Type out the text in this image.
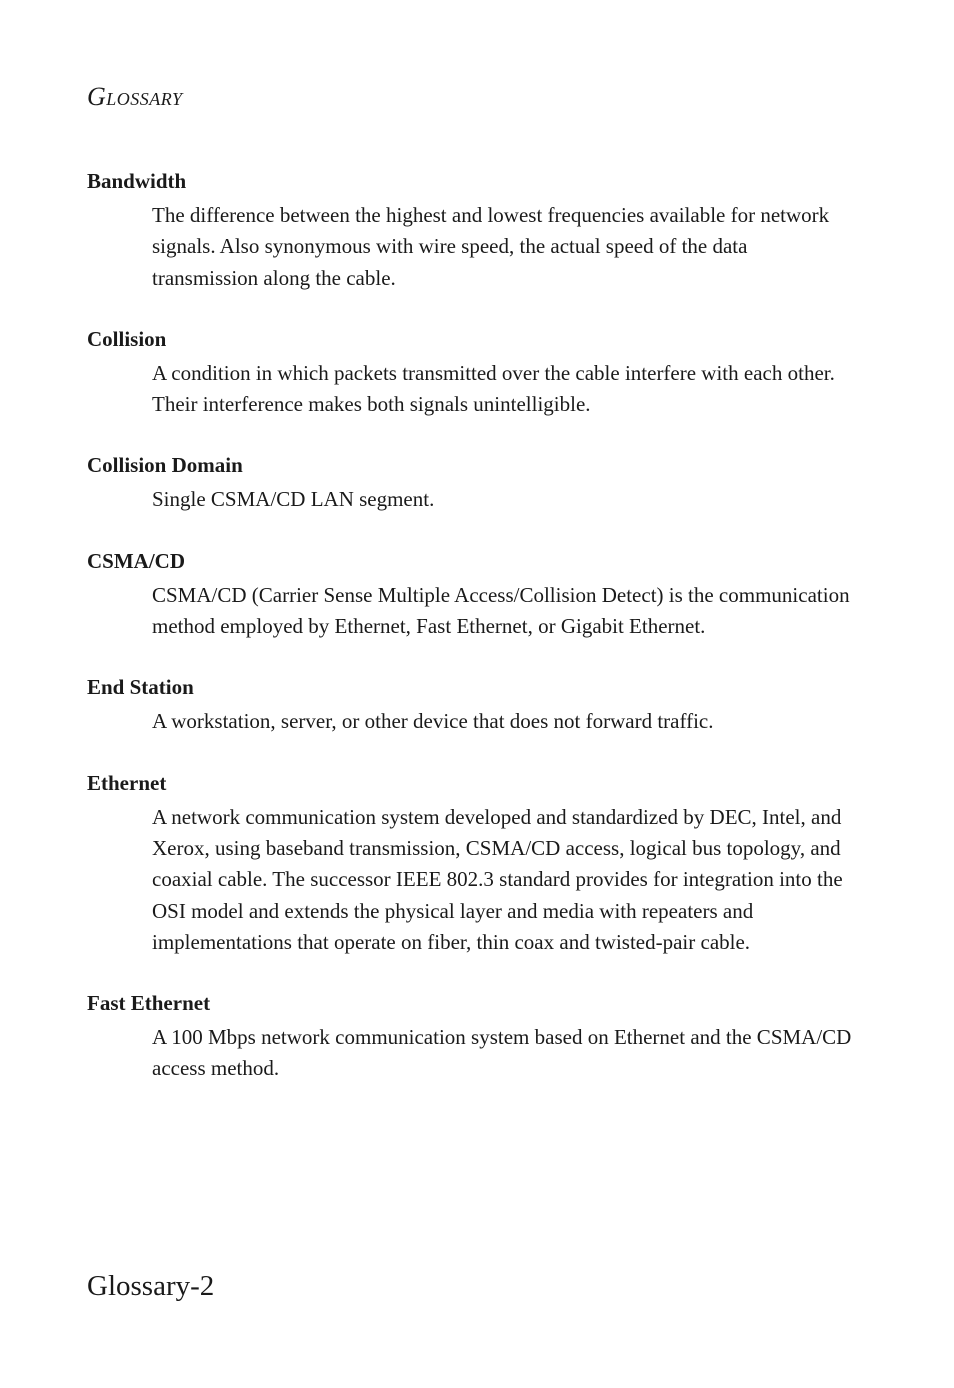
Glossary
Bandwidth
The difference between the highest and lowest frequencies available for network signals. Also synonymous with wire speed, the actual speed of the data transmission along the cable.
Collision
A condition in which packets transmitted over the cable interfere with each other. Their interference makes both signals unintelligible.
Collision Domain
Single CSMA/CD LAN segment.
CSMA/CD
CSMA/CD (Carrier Sense Multiple Access/Collision Detect) is the communication method employed by Ethernet, Fast Ethernet, or Gigabit Ethernet.
End Station
A workstation, server, or other device that does not forward traffic.
Ethernet
A network communication system developed and standardized by DEC, Intel, and Xerox, using baseband transmission, CSMA/CD access, logical bus topology, and coaxial cable. The successor IEEE 802.3 standard provides for integration into the OSI model and extends the physical layer and media with repeaters and implementations that operate on fiber, thin coax and twisted-pair cable.
Fast Ethernet
A 100 Mbps network communication system based on Ethernet and the CSMA/CD access method.
Glossary-2
